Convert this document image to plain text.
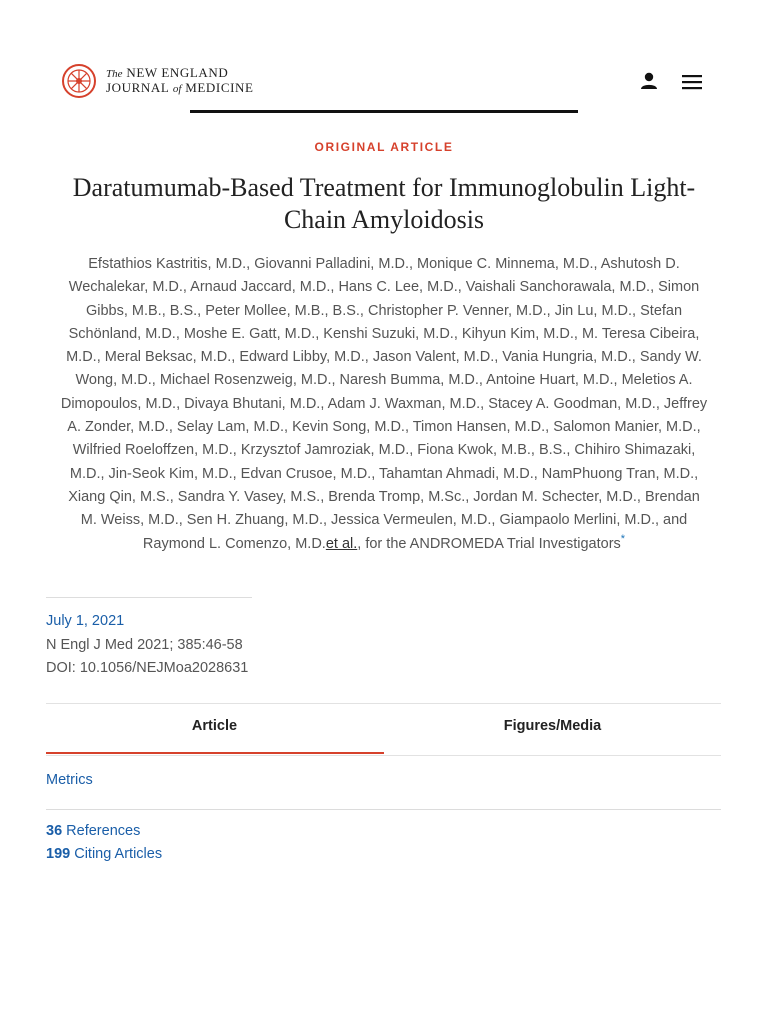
The NEW ENGLAND
JOURNAL of MEDICINE
ORIGINAL ARTICLE
Daratumumab-Based Treatment for Immunoglobulin Light-Chain Amyloidosis
Efstathios Kastritis, M.D., Giovanni Palladini, M.D., Monique C. Minnema, M.D., Ashutosh D. Wechalekar, M.D., Arnaud Jaccard, M.D., Hans C. Lee, M.D., Vaishali Sanchorawala, M.D., Simon Gibbs, M.B., B.S., Peter Mollee, M.B., B.S., Christopher P. Venner, M.D., Jin Lu, M.D., Stefan Schönland, M.D., Moshe E. Gatt, M.D., Kenshi Suzuki, M.D., Kihyun Kim, M.D., M. Teresa Cibeira, M.D., Meral Beksac, M.D., Edward Libby, M.D., Jason Valent, M.D., Vania Hungria, M.D., Sandy W. Wong, M.D., Michael Rosenzweig, M.D., Naresh Bumma, M.D., Antoine Huart, M.D., Meletios A. Dimopoulos, M.D., Divaya Bhutani, M.D., Adam J. Waxman, M.D., Stacey A. Goodman, M.D., Jeffrey A. Zonder, M.D., Selay Lam, M.D., Kevin Song, M.D., Timon Hansen, M.D., Salomon Manier, M.D., Wilfried Roeloffzen, M.D., Krzysztof Jamroziak, M.D., Fiona Kwok, M.B., B.S., Chihiro Shimazaki, M.D., Jin-Seok Kim, M.D., Edvan Crusoe, M.D., Tahamtan Ahmadi, M.D., NamPhuong Tran, M.D., Xiang Qin, M.S., Sandra Y. Vasey, M.S., Brenda Tromp, M.Sc., Jordan M. Schecter, M.D., Brendan M. Weiss, M.D., Sen H. Zhuang, M.D., Jessica Vermeulen, M.D., Giampaolo Merlini, M.D., and Raymond L. Comenzo, M.D.et al., for the ANDROMEDA Trial Investigators*
July 1, 2021
N Engl J Med 2021; 385:46-58
DOI: 10.1056/NEJMoa2028631
Article	Figures/Media
Metrics
36 References
199 Citing Articles
